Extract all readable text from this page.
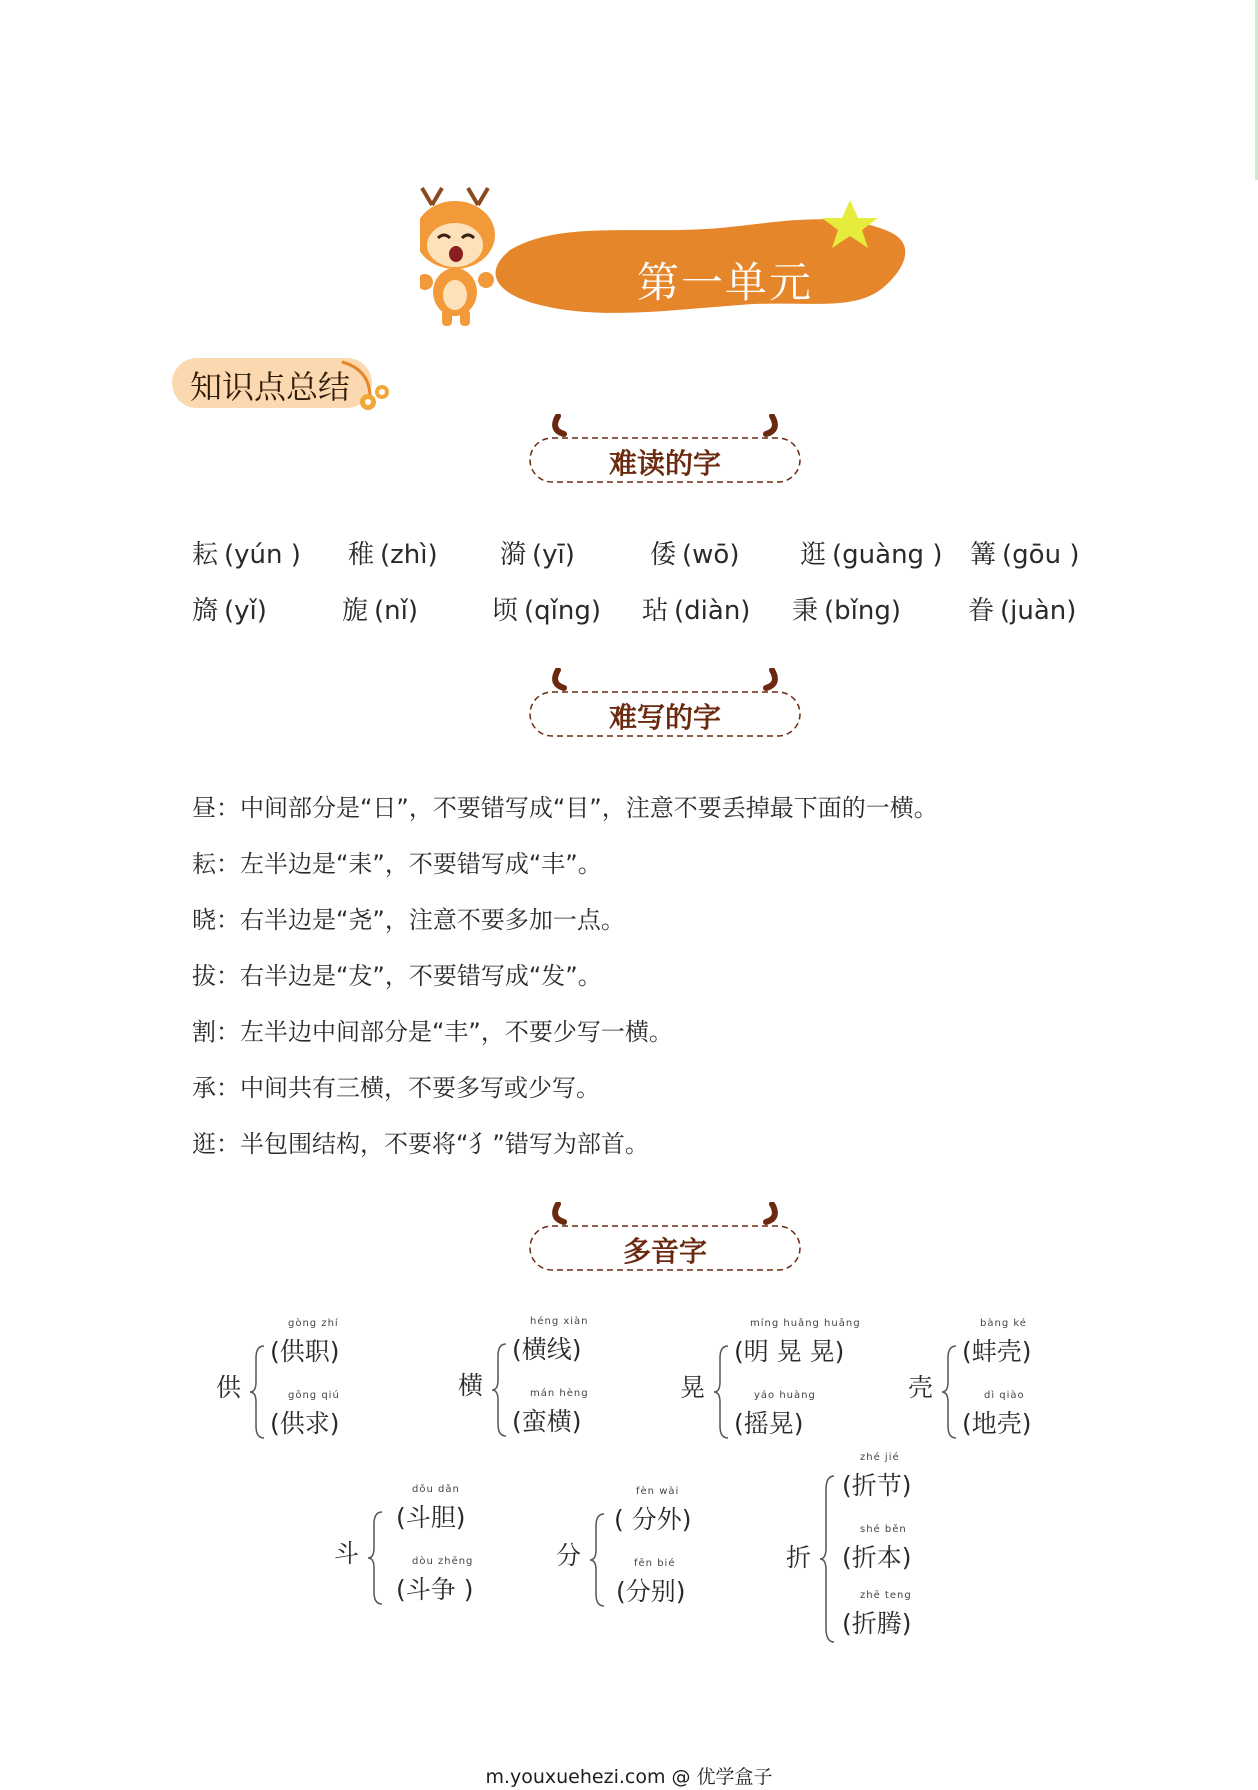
第一单元
知识点总结
难读的字
难写的字
多音字
耘 (yún ) 稚 (zhì) 漪 (yī)	倭 (wō) 逛 (guàng ) 篝 (gōu )
旖 (yǐ)	旎 (nǐ)	顷 (qǐng) 玷 (diàn) 秉 (bǐng)	眷 (juàn)
昼：中间部分是“日”，不要错写成“目”，注意不要丢掉最下面的一横。
耘：左半边是“耒”，不要错写成“丰”。
晓：右半边是“尧”，注意不要多加一点。
拔：右半边是“犮”，不要错写成“发”。
割：左半边中间部分是“丰”，不要少写一横。
承：中间共有三横，不要多写或少写。
逛：半包围结构，不要将“犭”错写为部首。
供
gòng zhí
(供职)
gōng qiú
(供求)
横
héng xiàn
(横线)
mán hèng
(蛮横)
晃
míng huǎng huǎng
(明 晃 晃)
yáo huàng
(摇晃)
壳
bàng ké
(蚌壳)
dì qiào
(地壳)
斗
dǒu dǎn
(斗胆)
dòu zhēng
(斗争 )
分
fèn wài
( 分外)
fēn bié
(分别)
折
zhé jié
(折节)
shé běn
(折本)
zhē teng
(折腾)
m.youxuehezi.com @ 优学盒子
